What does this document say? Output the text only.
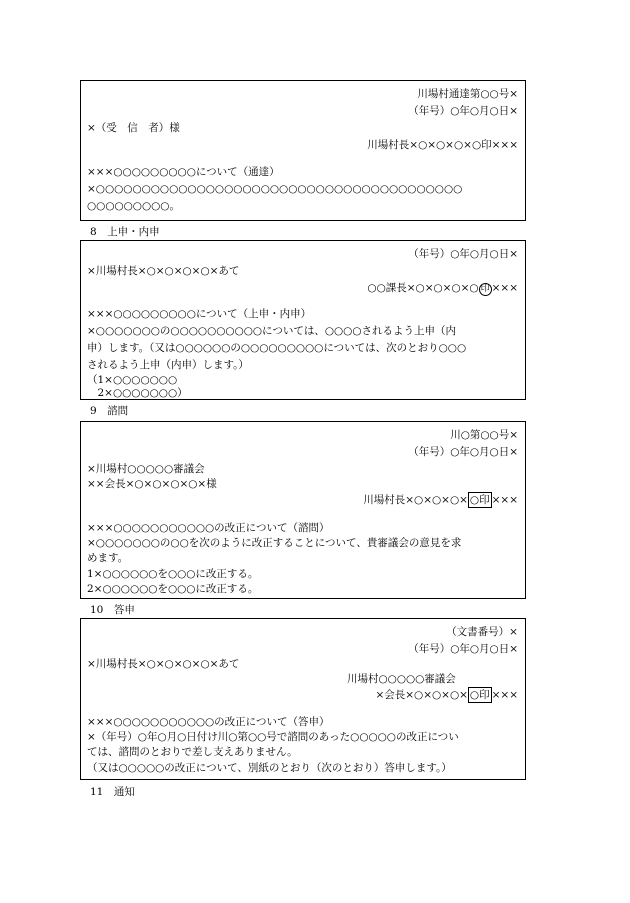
川場村通達第○○号×
（年号）○年○月○日×
×（受　信　者）様
川場村長×○×○×○×○印×××
×××○○○○○○○○○について（通達）
×○○○○○○○○○○○○○○○○○○○○○○○○○○○○○○○○○○○○○○○○
○○○○○○○○○。
8　上申・内申
（年号）○年○月○日×
×川場村長×○×○×○×○×あて
○○課長×○×○×○×○ 印 ×××
×××○○○○○○○○○について（上申・内申）
×○○○○○○○の○○○○○○○○○○については、○○○○されるよう上申（内
申）します。（又は○○○○○○の○○○○○○○○○については、次のとおり○○○
されるよう上申（内申）します。）
（1×○○○○○○○
　2×○○○○○○○）
9　諮問
川○第○○号×
（年号）○年○月○日×
×川場村○○○○○審議会
××会長×○×○×○×○×様
川場村長×○×○×○× ○印 ×××
×××○○○○○○○○○○○の改正について（諮問）
×○○○○○○○の○○を次のように改正することについて、貴審議会の意見を求
めます。
1×○○○○○○を○○○に改正する。
2×○○○○○○を○○○に改正する。
10　答申
（文書番号）×
（年号）○年○月○日×
×川場村長×○×○×○×○×あて
川場村○○○○○審議会
×会長×○×○×○× ○印 ×××
×××○○○○○○○○○○○の改正について（答申）
×（年号）○年○月○日付け川○第○○号で諮問のあった○○○○○の改正につい
ては、諮問のとおりで差し支えありません。
（又は○○○○○の改正について、別紙のとおり（次のとおり）答申します。）
11　通知
